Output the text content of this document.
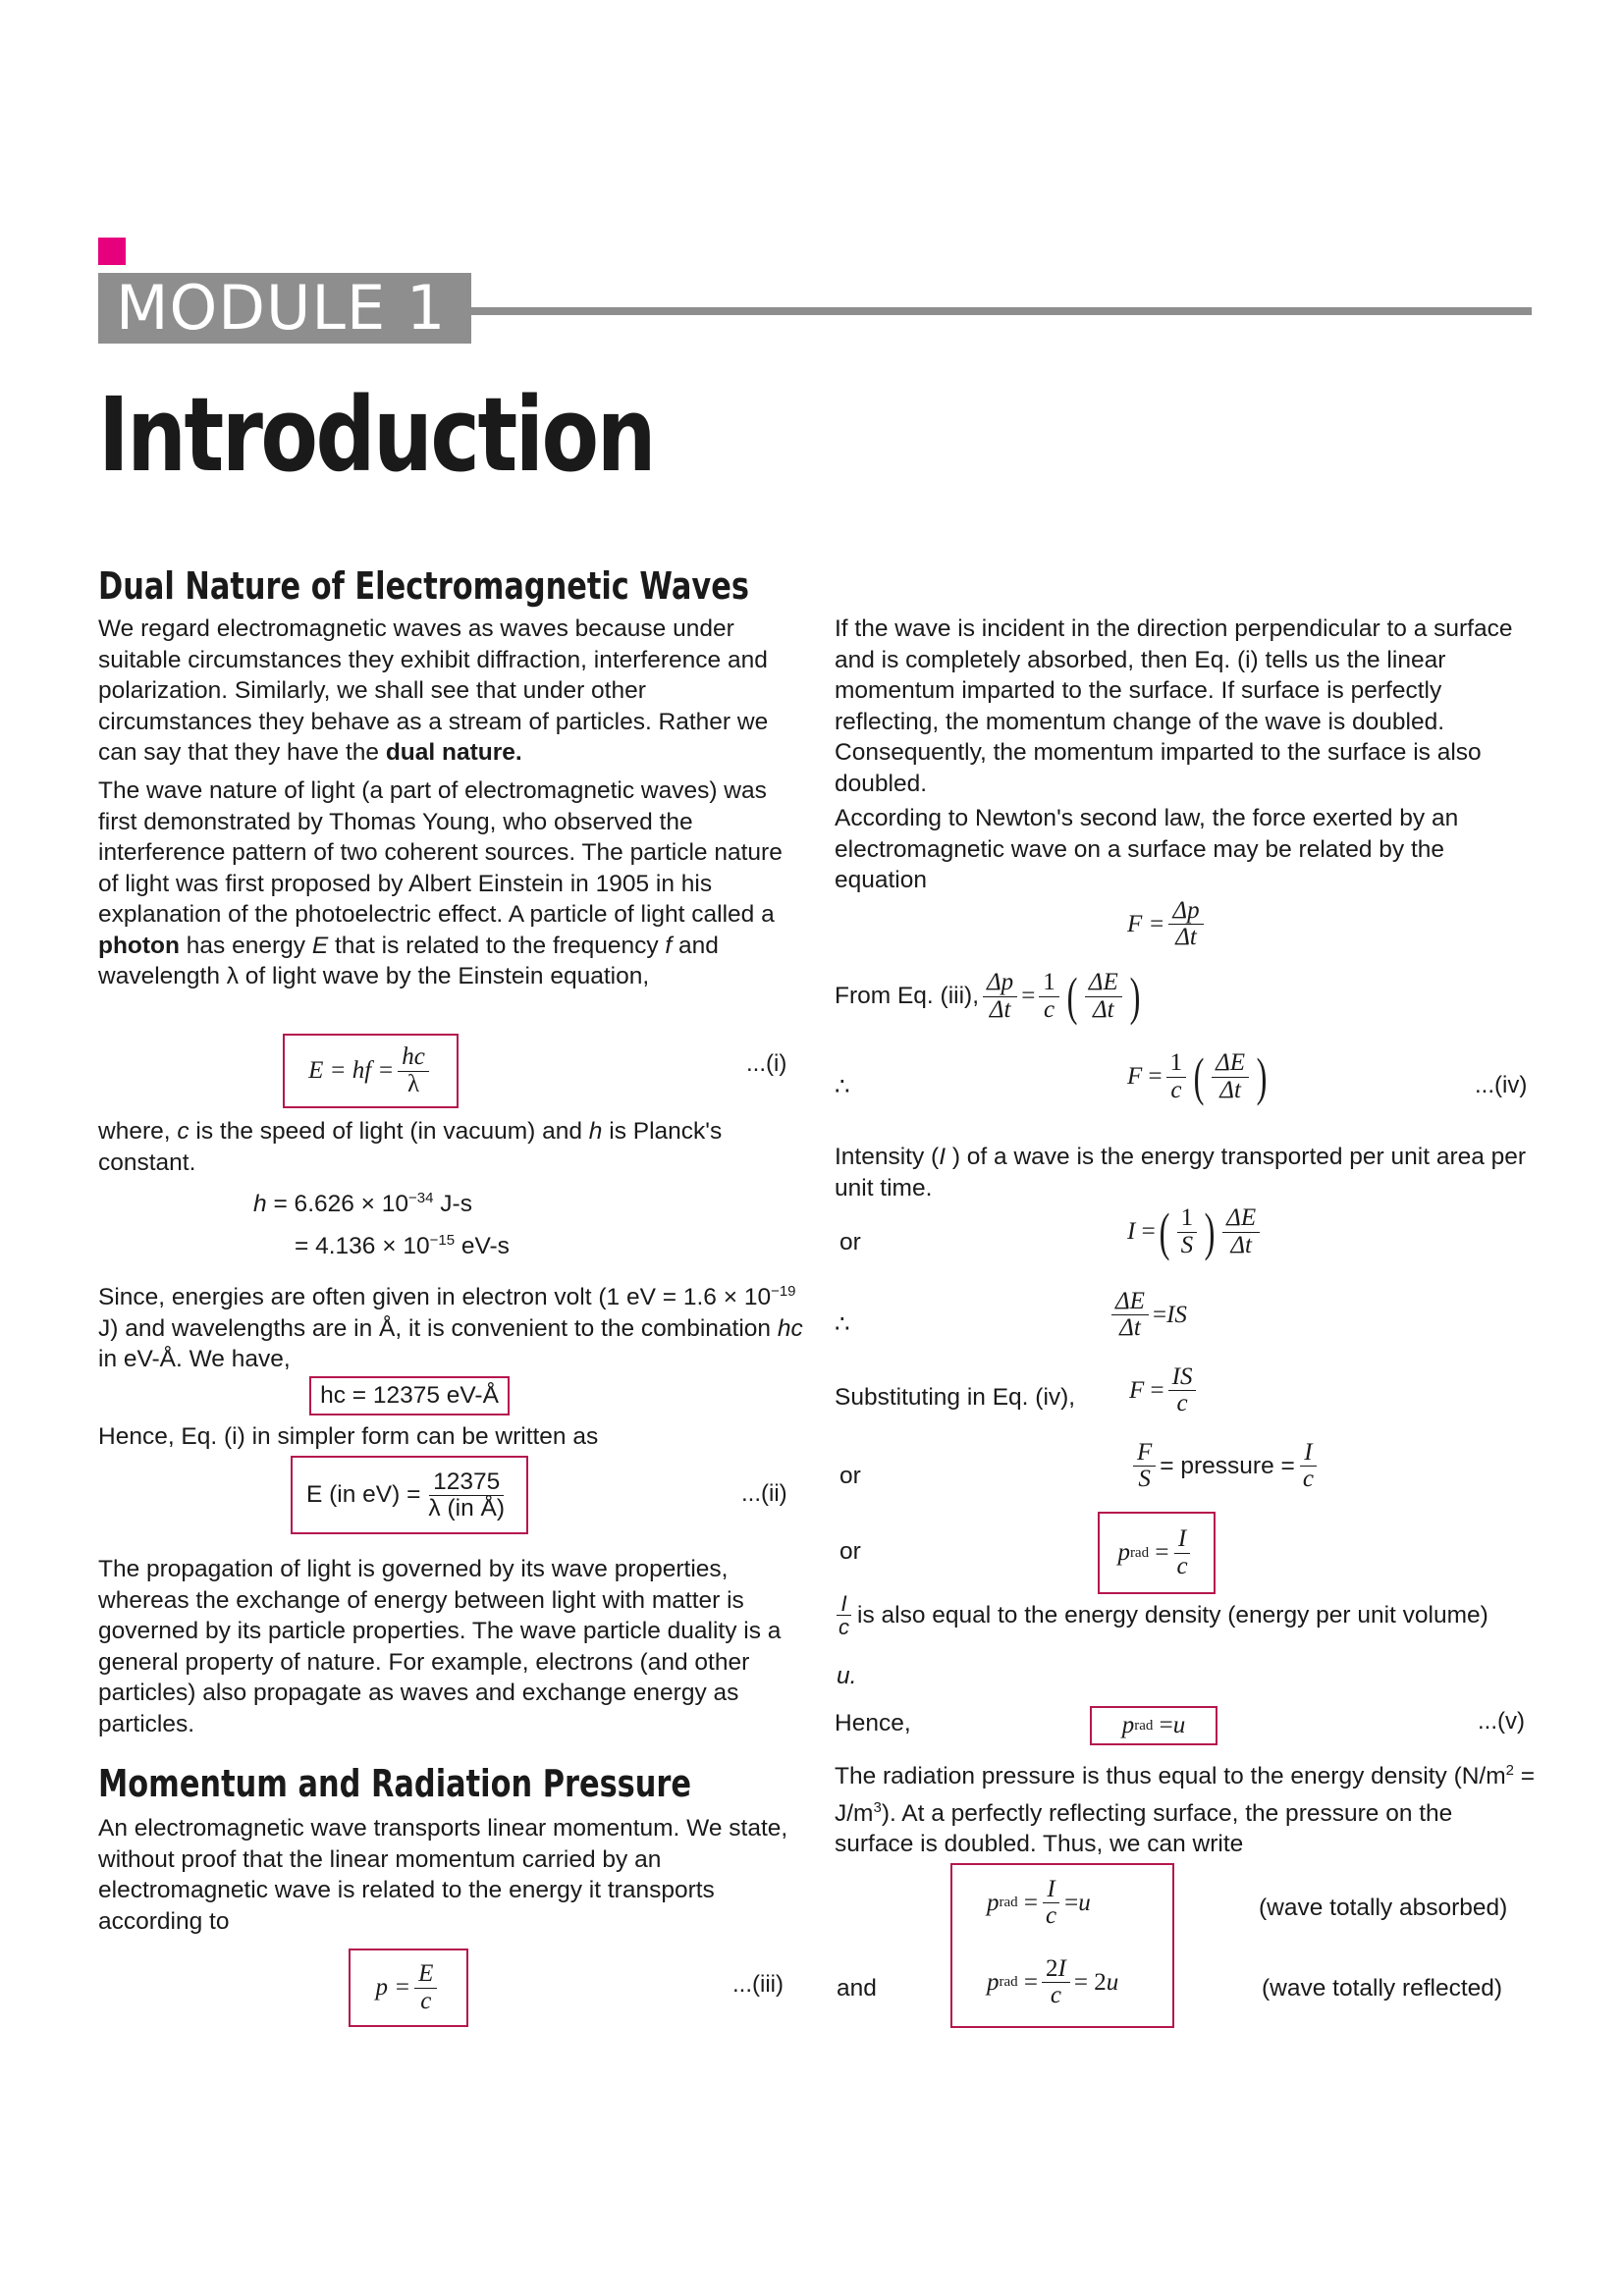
MODULE 1
Introduction
Dual Nature of Electromagnetic Waves
We regard electromagnetic waves as waves because under suitable circumstances they exhibit diffraction, interference and polarization. Similarly, we shall see that under other circumstances they behave as a stream of particles. Rather we can say that they have the dual nature.
The wave nature of light (a part of electromagnetic waves) was first demonstrated by Thomas Young, who observed the interference pattern of two coherent sources. The particle nature of light was first proposed by Albert Einstein in 1905 in his explanation of the photoelectric effect. A particle of light called a photon has energy E that is related to the frequency f and wavelength λ of light wave by the Einstein equation,
E = hf = $\frac{hc}{\lambda}$	...(i)
where, c is the speed of light (in vacuum) and h is Planck's constant.
$h = 6.626 \times 10^{-34}$ J-s
= $4.136 \times 10^{-15}$ eV-s
Since, energies are often given in electron volt (1 eV = $1.6 \times 10^{-19}$ J) and wavelengths are in Å, it is convenient to the combination hc in eV-Å. We have,
hc = 12375 eV-Å
Hence, Eq. (i) in simpler form can be written as
E (in $eV) = \frac{12375}{\text{λ (in Å)}}$	...(ii)
The propagation of light is governed by its wave properties, whereas the exchange of energy between light with matter is governed by its particle properties. The wave particle duality is a general property of nature. For example, electrons (and other particles) also propagate as waves and exchange energy as particles.
Momentum and Radiation Pressure
An electromagnetic wave transports linear momentum. We state, without proof that the linear momentum carried by an electromagnetic wave is related to the energy it transports according to
$p = \frac{E}{c}$	...(iii)
If the wave is incident in the direction perpendicular to a surface and is completely absorbed, then Eq. (i) tells us the linear momentum imparted to the surface. If surface is perfectly reflecting, the momentum change of the wave is doubled. Consequently, the momentum imparted to the surface is also doubled.
According to Newton's second law, the force exerted by an electromagnetic wave on a surface may be related by the equation
$F = \frac{\Delta p}{\Delta t}$
From Eq. (iii), $\frac{\Delta p}{\Delta t} = \frac{1}{c}$ ( $\frac{\Delta E}{\Delta t}$ )
∴	$F = \frac{1}{c}$ ( $\frac{\Delta E}{\Delta t}$ )	...(iv)
Intensity (I ) of a wave is the energy transported per unit area per unit time.
or	I = ( $\frac{1}{S}$ ) $\frac{\Delta E}{\Delta t}$
∴	$\frac{\Delta E}{\Delta t}$ = IS
Substituting in Eq. (iv), $F = \frac{IS}{c}$
or	$\frac{F}{S}$ = pressure = $\frac{I}{c}$
or	p rad = $\frac{I}{c}$
$\frac{I}{c}$ is also equal to the energy density (energy per unit volume)
u.
Hence,	p rad = u	...(v)
The radiation pressure is thus equal to the energy density $(N/m^2 = J/m^3)$. At a perfectly reflecting surface, the pressure on the surface is doubled. Thus, we can write
p rad = $\frac{I}{c} = u$	(wave totally absorbed)
and	p rad = $\frac{2I}{c} = 2$ u	(wave totally reflected)
